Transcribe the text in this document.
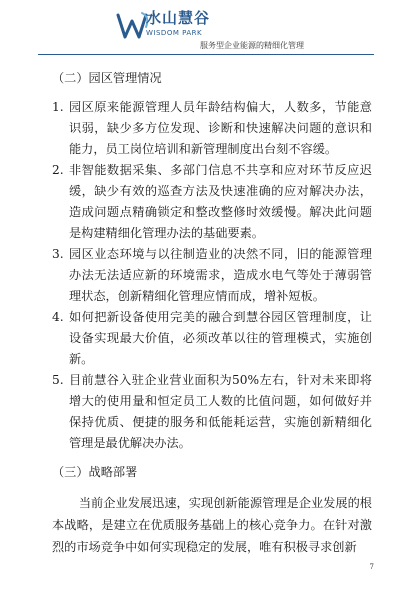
水山慧谷
WISDOM PARK
服务型企业能源的精细化管理
（二）园区管理情况
1. 园区原来能源管理人员年龄结构偏大，人数多，节能意识弱，缺少多方位发现、诊断和快速解决问题的意识和能力，员工岗位培训和新管理制度出台刻不容缓。
2. 非智能数据采集、多部门信息不共享和应对环节反应迟缓，缺少有效的巡查方法及快速准确的应对解决办法，造成问题点精确锁定和整改整修时效缓慢。解决此问题是构建精细化管理办法的基础要素。
3. 园区业态环境与以往制造业的决然不同，旧的能源管理办法无法适应新的环境需求，造成水电气等处于薄弱管理状态，创新精细化管理应情而成，增补短板。
4. 如何把新设备使用完美的融合到慧谷园区管理制度，让设备实现最大价值，必须改革以往的管理模式，实施创新。
5. 目前慧谷入驻企业营业面积为50%左右，针对未来即将增大的使用量和恒定员工人数的比值问题，如何做好并保持优质、便捷的服务和低能耗运营，实施创新精细化管理是最优解决办法。
（三）战略部署
当前企业发展迅速，实现创新能源管理是企业发展的根本战略，是建立在优质服务基础上的核心竞争力。在针对激烈的市场竞争中如何实现稳定的发展，唯有积极寻求创新
7
